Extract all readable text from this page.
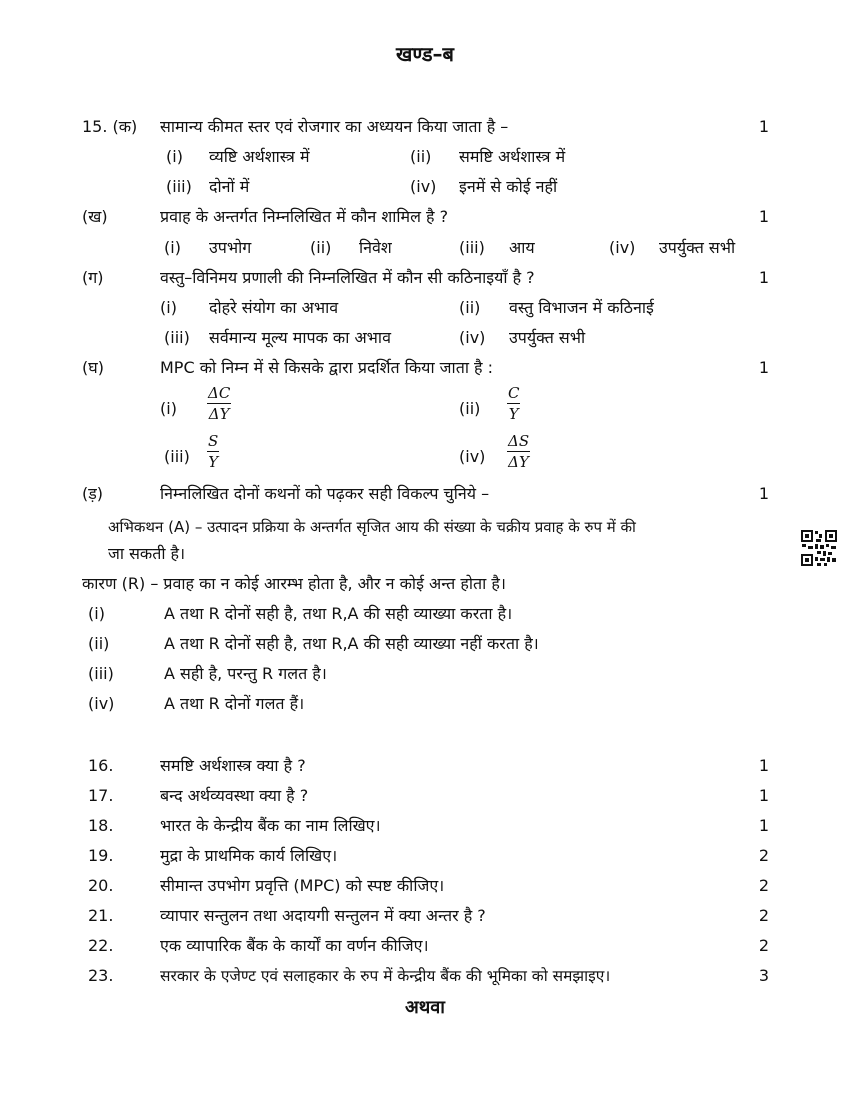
खण्ड–ब
15. (क) सामान्य कीमत स्तर एवं रोजगार का अध्ययन किया जाता है –	1
(i) व्यष्टि अर्थशास्त्र में	(ii) समष्टि अर्थशास्त्र में
(iii) दोनों में	(iv) इनमें से कोई नहीं
(ख)	प्रवाह के अन्तर्गत निम्नलिखित में कौन शामिल है ?	1
(i) उपभोग	(ii) निवेश	(iii) आय	(iv) उपर्युक्त सभी
(ग)	वस्तु–विनिमय प्रणाली की निम्नलिखित में कौन सी कठिनाइयाँ है ?	1
(i) दोहरे संयोग का अभाव	(ii) वस्तु विभाजन में कठिनाई
(iii) सर्वमान्य मूल्य मापक का अभाव	(iv) उपर्युक्त सभी
(घ)	MPC को निम्न में से किसके द्वारा प्रदर्शित किया जाता है :	1
$(i) \frac{\Delta C}{\Delta Y}$	$(ii) \frac{C}{Y}$
$(iii) \frac{S}{Y}$	$(iv) \frac{\Delta S}{\Delta Y}$
(ड़)	निम्नलिखित दोनों कथनों को पढ़कर सही विकल्प चुनिये –	1
अभिकथन (A) – उत्पादन प्रक्रिया के अन्तर्गत सृजित आय की संख्या के चक्रीय प्रवाह के रुप में की
जा सकती है।
कारण (R) – प्रवाह का न कोई आरम्भ होता है, और न कोई अन्त होता है।
(i)	A तथा R दोनों सही है, तथा R,A की सही व्याख्या करता है।
(ii)	A तथा R दोनों सही है, तथा R,A की सही व्याख्या नहीं करता है।
(iii)	A सही है, परन्तु R गलत है।
(iv)	A तथा R दोनों गलत हैं।
16.	समष्टि अर्थशास्त्र क्या है ?	1
17.	बन्द अर्थव्यवस्था क्या है ?	1
18.	भारत के केन्द्रीय बैंक का नाम लिखिए।	1
19.	मुद्रा के प्राथमिक कार्य लिखिए।	2
20.	सीमान्त उपभोग प्रवृत्ति (MPC) को स्पष्ट कीजिए।	2
21.	व्यापार सन्तुलन तथा अदायगी सन्तुलन में क्या अन्तर है ?	2
22.	एक व्यापारिक बैंक के कार्यों का वर्णन कीजिए।	2
23.	सरकार के एजेण्ट एवं सलाहकार के रुप में केन्द्रीय बैंक की भूमिका को समझाइए।	3
अथवा
